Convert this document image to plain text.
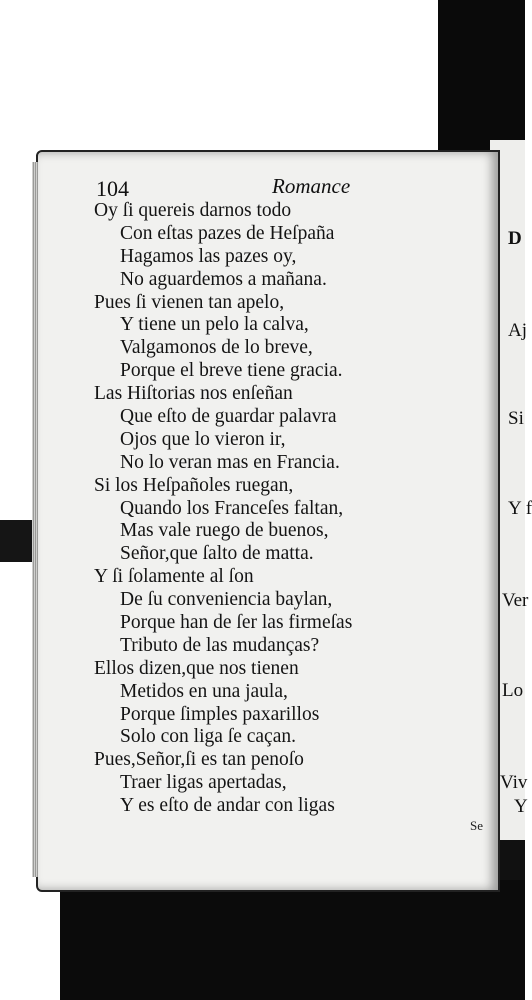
D
Aj
Si
Y f
Ver
Lo
Viv
Y
104	Romance
Oy ſi quereis darnos todo
Con eſtas pazes de Heſpaña
Hagamos las pazes oy,
No aguardemos a mañana.
Pues ſi vienen tan apelo,
Y tiene un pelo la calva,
Valgamonos de lo breve,
Porque el breve tiene gracia.
Las Hiſtorias nos enſeñan
Que eſto de guardar palavra
Ojos que lo vieron ir,
No lo veran mas en Francia.
Si los Heſpañoles ruegan,
Quando los Franceſes faltan,
Mas vale ruego de buenos,
Señor,que ſalto de matta.
Y ſi ſolamente al ſon
De ſu conveniencia baylan,
Porque han de ſer las firmeſas
Tributo de las mudanças?
Ellos dizen,que nos tienen
Metidos en una jaula,
Porque ſimples paxarillos
Solo con liga ſe caçan.
Pues,Señor,ſi es tan penoſo
Traer ligas apertadas,
Y es eſto de andar con ligas
Se
